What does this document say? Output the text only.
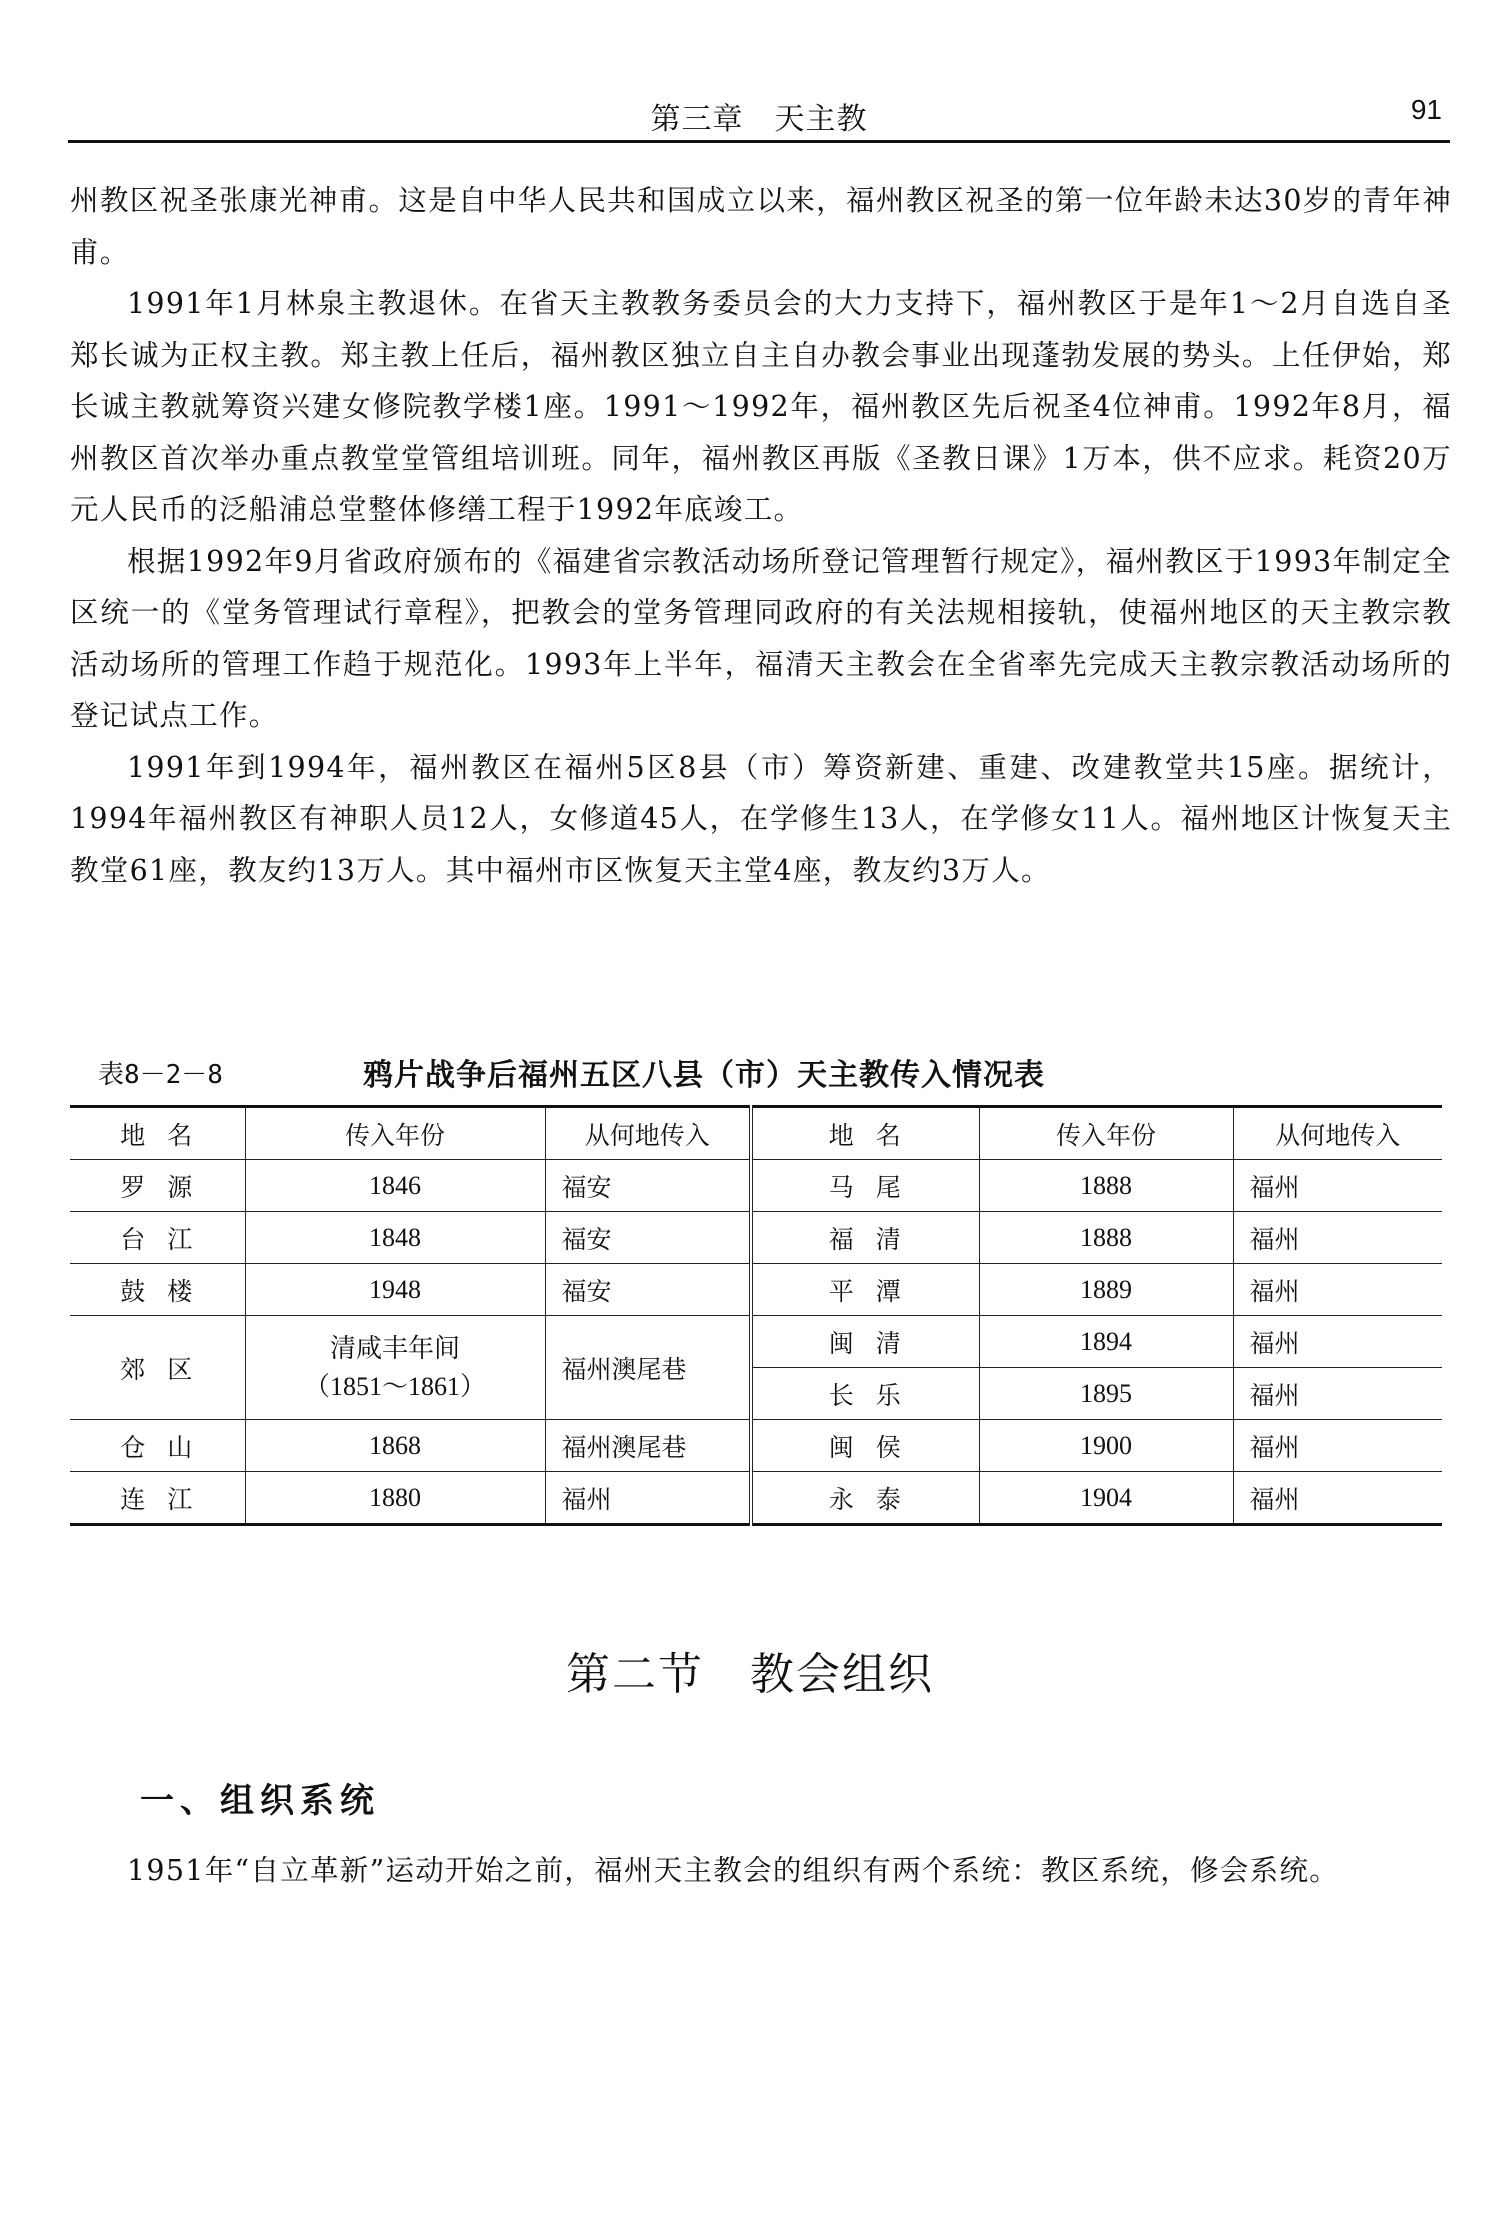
第三章　天主教	91

州教区祝圣张康光神甫。这是自中华人民共和国成立以来，福州教区祝圣的第一位年龄未达30岁的青年神甫。

1991年1月林泉主教退休。在省天主教教务委员会的大力支持下，福州教区于是年1～2月自选自圣郑长诚为正权主教。郑主教上任后，福州教区独立自主自办教会事业出现蓬勃发展的势头。上任伊始，郑长诚主教就筹资兴建女修院教学楼1座。1991～1992年，福州教区先后祝圣4位神甫。1992年8月，福州教区首次举办重点教堂堂管组培训班。同年，福州教区再版《圣教日课》1万本，供不应求。耗资20万元人民币的泛船浦总堂整体修缮工程于1992年底竣工。

根据1992年9月省政府颁布的《福建省宗教活动场所登记管理暂行规定》，福州教区于1993年制定全区统一的《堂务管理试行章程》，把教会的堂务管理同政府的有关法规相接轨，使福州地区的天主教宗教活动场所的管理工作趋于规范化。1993年上半年，福清天主教会在全省率先完成天主教宗教活动场所的登记试点工作。

1991年到1994年，福州教区在福州5区8县（市）筹资新建、重建、改建教堂共15座。据统计，1994年福州教区有神职人员12人，女修道45人，在学修生13人，在学修女11人。福州地区计恢复天主教堂61座，教友约13万人。其中福州市区恢复天主堂4座，教友约3万人。

表8－2－8	鸦片战争后福州五区八县（市）天主教传入情况表
地名	传入年份	从何地传入	地名	传入年份	从何地传入
罗源	1846	福安	马尾	1888	福州
台江	1848	福安	福清	1888	福州
鼓楼	1948	福安	平潭	1889	福州
郊区	清咸丰年间
（1851～1861）	福州澳尾巷	闽清	1894	福州
			长乐	1895	福州
仓山	1868	福州澳尾巷	闽侯	1900	福州
连江	1880	福州	永泰	1904	福州
第二节　教会组织
一、组织系统

1951年“自立革新”运动开始之前，福州天主教会的组织有两个系统：教区系统，修会系统。
